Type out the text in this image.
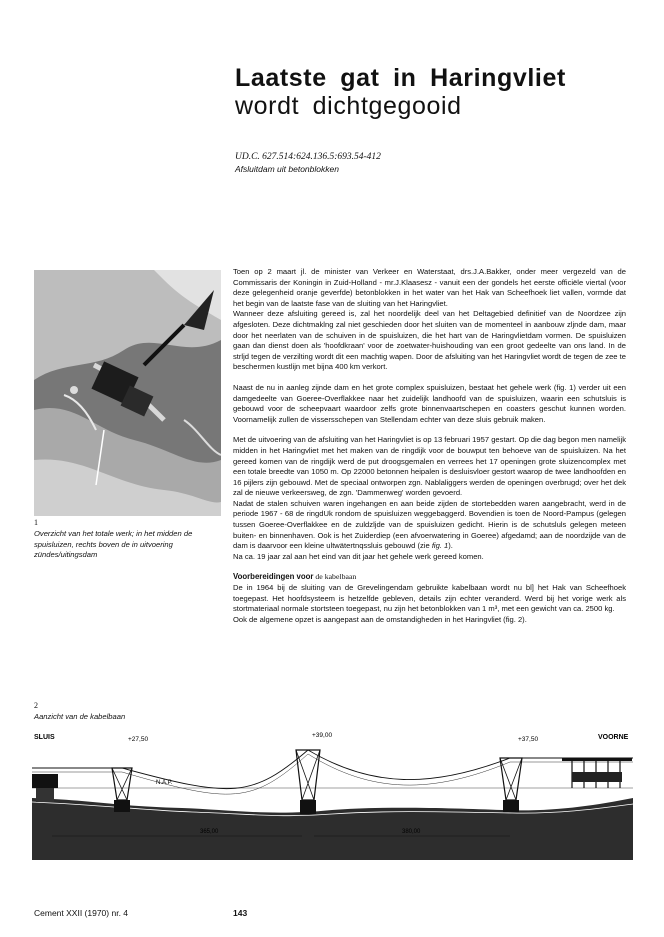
Laatste gat in Haringvliet
wordt dichtgegooid
UD.C. 627.514:624.136.5:693.54-412
Afsluitdam uit betonblokken
1
Overzicht van het totale werk; in het midden de spuisluizen, rechts boven de in uitvoering zündes/uitingsdam

Toen op 2 maart jl. de minister van Verkeer en Waterstaat, drs.J.A.Bakker, onder meer vergezeld van de Commissaris der Koningin in Zuid-Holland - mr.J.Klaasesz - vanuit een der gondels het eerste officiële viertal (voor deze gelegenheid oranje geverfde) betonblokken in het water van het Hak van Scheefhoek liet vallen, vormde dat het begin van de laatste fase van de sluiting van het Haringvliet.

Wanneer deze afsluiting gereed is, zal het noordelijk deel van het Deltagebied definitief van de Noordzee zijn afgesloten. Deze dichtmaklng zal niet geschieden door het sluiten van de momenteel in aanbouw zljnde dam, maar door het neerlaten van de schuiven in de spuisluizen, die het hart van de Haringvlietdam vormen. De spuisluizen gaan dan dienst doen als 'hoofdkraan' voor de zoetwater-huishouding van een groot gedeelte van ons land. In de strljd tegen de verzilting wordt dit een machtig wapen. Door de afsluiting van het Haringvliet wordt de tegen de zee te beschermen kustlijn met bijna 400 km verkort.

Naast de nu in aanleg zijnde dam en het grote complex spuisluizen, bestaat het gehele werk (fig. 1) verder uit een damgedeelte van Goeree-Overflakkee naar het zuidelijk landhoofd van de spuisluizen, waarin een schutsluis is gebouwd voor de scheepvaart waardoor zelfs grote binnenvaartschepen en coasters geschut kunnen worden. Voornamelijk zullen de vissersschepen van Stellendam echter van deze sluis gebruik maken.

Met de uitvoering van de afsluiting van het Haringvliet is op 13 februari 1957 gestart. Op die dag begon men namelijk midden in het Haringvliet met het maken van de ringdijk voor de bouwput ten behoeve van de spuisluizen. Na het gereed komen van de ringdijk werd de put droogsgemalen en verrees het 17 openingen grote sluizencomplex met een totale breedte van 1050 m. Op 22000 betonnen heipalen is desluisvloer gestort waarop de twee landhoofden en 16 pijlers zijn gebouwd. Met de speciaal ontworpen zgn. Nablaliggers werden de openingen overbrugd; over het dek zal de nieuwe verkeersweg, de zgn. 'Dammenweg' worden gevoerd.

Nadat de stalen schuiven waren ingehangen en aan beide zijden de stortebedden waren aangebracht, werd in de periode 1967 - 68 de ringdUk rondom de spuisluizen weggebaggerd. Bovendien is toen de Noord-Pampus (gelegen tussen Goeree-Overflakkee en de zuldzljde van de spuisluizen gedicht. Hierin is de schutsluls gelegen meteen buiten- en binnenhaven. Ook is het Zuiderdiep (een afvoerwatering in Goeree) afgedamd; aan de noordzijde van de dam is daarvoor een kleine ultwätertnqssluis gebouwd (zie fig. 1).

Na ca. 19 jaar zal aan het eind van dit jaar het gehele werk gereed komen.

Voorbereidingen voor de kabelbaan

De in 1964 bij de sluiting van de Grevelingendam gebruikte kabelbaan wordt nu bl] het Hak van Scheefhoek toegepast. Het hoofdsysteem is hetzelfde gebleven, details zijn echter veranderd. Werd bij het vorige werk als stortmateriaal normale stortsteen toegepast, nu zijn het betonblokken van 1 m³, met een gewicht van ca. 2500 kg.

Ook de algemene opzet is aangepast aan de omstandigheden in het Haringvliet (fig. 2).

2
Aanzicht van de kabelbaan
SLUIS	VOORNE
+27,50
+39,00
+37,50
N.A.P.
365,00	380,00
Cement XXII (1970) nr. 4	143
